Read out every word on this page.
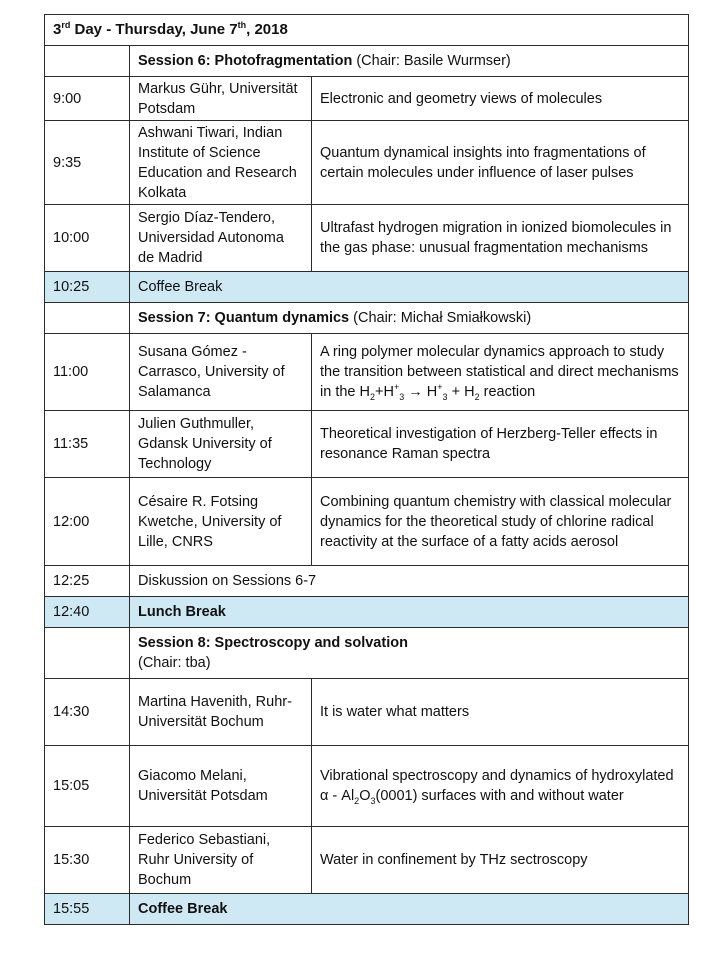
3rd Day - Thursday, June 7th, 2018		
	Session 6: Photofragmentation (Chair: Basile Wurmser)	
9:00	Markus Gühr, Universität Potsdam	Electronic and geometry views of molecules
9:35	Ashwani Tiwari, Indian Institute of Science Education and Research Kolkata	Quantum dynamical insights into fragmentations of certain molecules under influence of laser pulses
10:00	Sergio Díaz-Tendero, Universidad Autonoma de Madrid	Ultrafast hydrogen migration in ionized biomolecules in the gas phase: unusual fragmentation mechanisms
10:25	Coffee Break	
	Session 7: Quantum dynamics (Chair: Michał Smiałkowski)	
11:00	Susana Gómez - Carrasco, University of Salamanca	A ring polymer molecular dynamics approach to study the transition between statistical and direct mechanisms in the $H_2+H^+_3 \to H^+_3 + H_2$ reaction
11:35	Julien Guthmuller, Gdansk University of Technology	Theoretical investigation of Herzberg-Teller effects in resonance Raman spectra
12:00	Césaire R. Fotsing Kwetche, University of Lille, CNRS	Combining quantum chemistry with classical molecular dynamics for the theoretical study of chlorine radical reactivity at the surface of a fatty acids aerosol
12:25	Diskussion on Sessions 6-7	
12:40	Lunch Break	
	Session 8: Spectroscopy and solvation
(Chair: tba)	
14:30	Martina Havenith, Ruhr-Universität Bochum	It is water what matters
15:05	Giacomo Melani, Universität Potsdam	Vibrational spectroscopy and dynamics of hydroxylated α - $Al_2O_3(0001)$ surfaces with and without water
15:30	Federico Sebastiani, Ruhr University of Bochum	Water in confinement by THz sectroscopy
15:55	Coffee Break	
